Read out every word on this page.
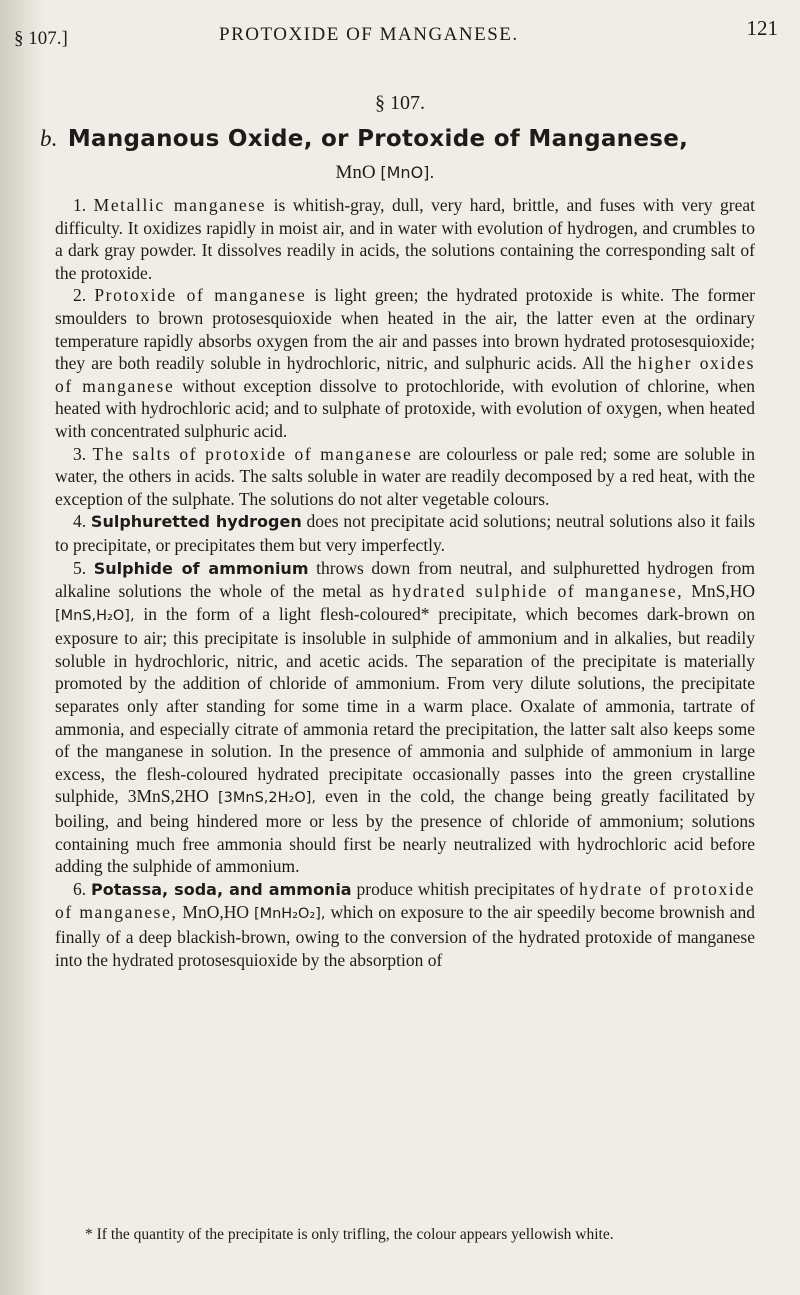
§ 107.]	PROTOXIDE OF MANGANESE.	121
§ 107.
b. Manganous Oxide, or Protoxide of Manganese,
MnO [MnO].

1. Metallic manganese is whitish-gray, dull, very hard, brittle, and fuses with very great difficulty. It oxidizes rapidly in moist air, and in water with evolution of hydrogen, and crumbles to a dark gray powder. It dissolves readily in acids, the solutions containing the corresponding salt of the protoxide.

2. Protoxide of manganese is light green; the hydrated protoxide is white. The former smoulders to brown protosesquioxide when heated in the air, the latter even at the ordinary temperature rapidly absorbs oxygen from the air and passes into brown hydrated protosesquioxide; they are both readily soluble in hydrochloric, nitric, and sulphuric acids. All the higher oxides of manganese without exception dissolve to protochloride, with evolution of chlorine, when heated with hydrochloric acid; and to sulphate of protoxide, with evolution of oxygen, when heated with concentrated sulphuric acid.

3. The salts of protoxide of manganese are colourless or pale red; some are soluble in water, the others in acids. The salts soluble in water are readily decomposed by a red heat, with the exception of the sulphate. The solutions do not alter vegetable colours.

4. Sulphuretted hydrogen does not precipitate acid solutions; neutral solutions also it fails to precipitate, or precipitates them but very imperfectly.

5. Sulphide of ammonium throws down from neutral, and sulphuretted hydrogen from alkaline solutions the whole of the metal as hydrated sulphide of manganese, MnS,HO [MnS,H₂O], in the form of a light flesh-coloured* precipitate, which becomes dark-brown on exposure to air; this precipitate is insoluble in sulphide of ammonium and in alkalies, but readily soluble in hydrochloric, nitric, and acetic acids. The separation of the precipitate is materially promoted by the addition of chloride of ammonium. From very dilute solutions, the precipitate separates only after standing for some time in a warm place. Oxalate of ammonia, tartrate of ammonia, and especially citrate of ammonia retard the precipitation, the latter salt also keeps some of the manganese in solution. In the presence of ammonia and sulphide of ammonium in large excess, the flesh-coloured hydrated precipitate occasionally passes into the green crystalline sulphide, 3MnS,2HO [3MnS,2H₂O], even in the cold, the change being greatly facilitated by boiling, and being hindered more or less by the presence of chloride of ammonium; solutions containing much free ammonia should first be nearly neutralized with hydrochloric acid before adding the sulphide of ammonium.

6. Potassa, soda, and ammonia produce whitish precipitates of hydrate of protoxide of manganese, MnO,HO [MnH₂O₂], which on exposure to the air speedily become brownish and finally of a deep blackish-brown, owing to the conversion of the hydrated protoxide of manganese into the hydrated protosesquioxide by the absorption of

* If the quantity of the precipitate is only trifling, the colour appears yellowish white.
